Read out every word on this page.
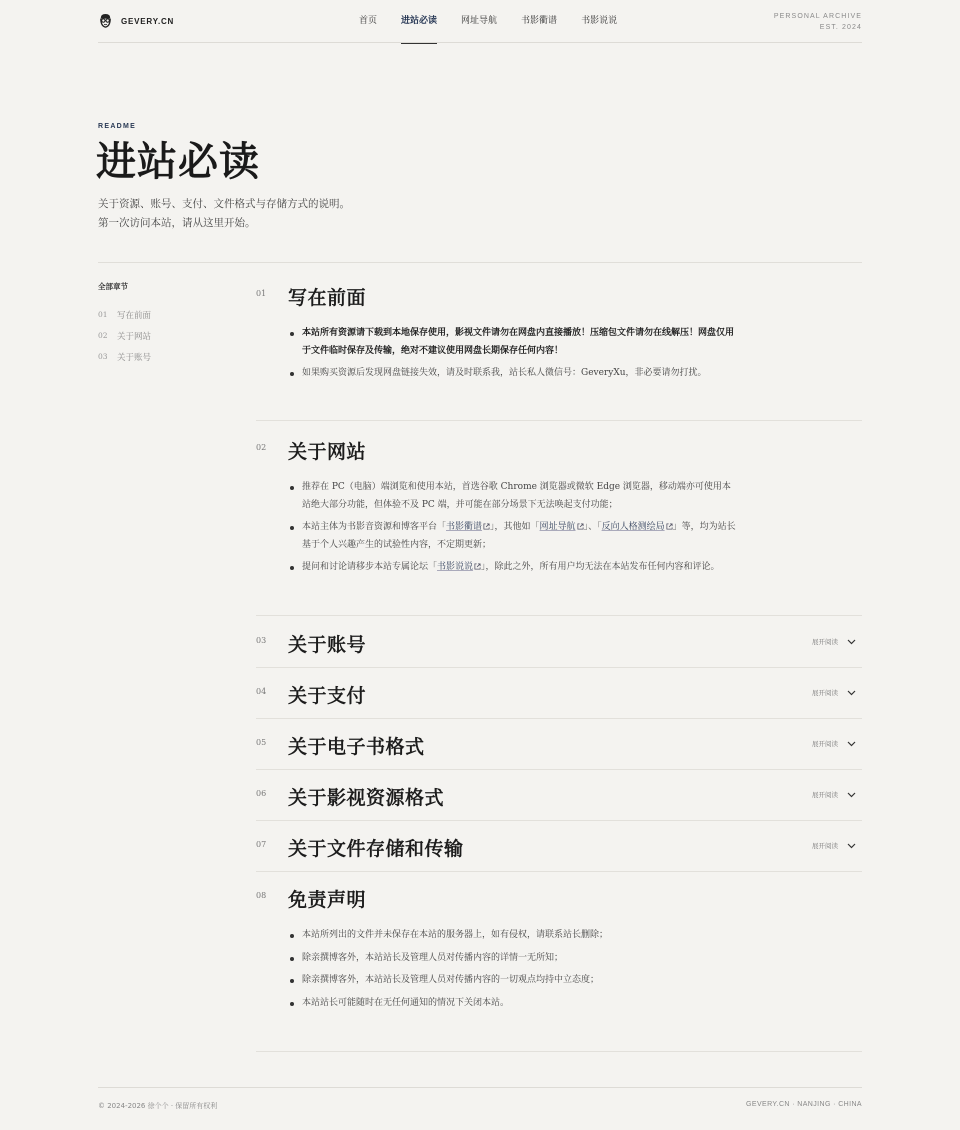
GEVERY.CN	首页	进站必读	网址导航	书影衢谱	书影说说	PERSONAL ARCHIVE
EST. 2024
README
进站必读
关于资源、账号、支付、文件格式与存储方式的说明。
第一次访问本站，请从这里开始。
全部章节
01 写在前面
02 关于网站
03 关于账号
01 写在前面
本站所有资源请下载到本地保存使用，影视文件请勿在网盘内直接播放！压缩包文件请勿在线解压！网盘仅用于文件临时保存及传输，绝对不建议使用网盘长期保存任何内容！
如果购买资源后发现网盘链接失效，请及时联系我，站长私人微信号：GeveryXu，非必要请勿打扰。
02 关于网站
推荐在 PC（电脑）端浏览和使用本站，首选谷歌 Chrome 浏览器或微软 Edge 浏览器，移动端亦可使用本站绝大部分功能，但体验不及 PC 端，并可能在部分场景下无法唤起支付功能；
本站主体为书影音资源和博客平台「书影衢谱 」，其他如「网址导航 」、「反向人格测绘局 」等，均为站长基于个人兴趣产生的试验性内容，不定期更新；
提问和讨论请移步本站专属论坛「书影说说 」，除此之外，所有用户均无法在本站发布任何内容和评论。
03 关于账号	展开阅读
04 关于支付	展开阅读
05 关于电子书格式	展开阅读
06 关于影视资源格式	展开阅读
07 关于文件存储和传输	展开阅读
08 免责声明
本站所列出的文件并未保存在本站的服务器上，如有侵权，请联系站长删除；
除亲撰博客外，本站站长及管理人员对传播内容的详情一无所知；
除亲撰博客外，本站站长及管理人员对传播内容的一切观点均持中立态度；
本站站长可能随时在无任何通知的情况下关闭本站。
© 2024-2026 徐个个 · 保留所有权利	GEVERY.CN · NANJING · CHINA
